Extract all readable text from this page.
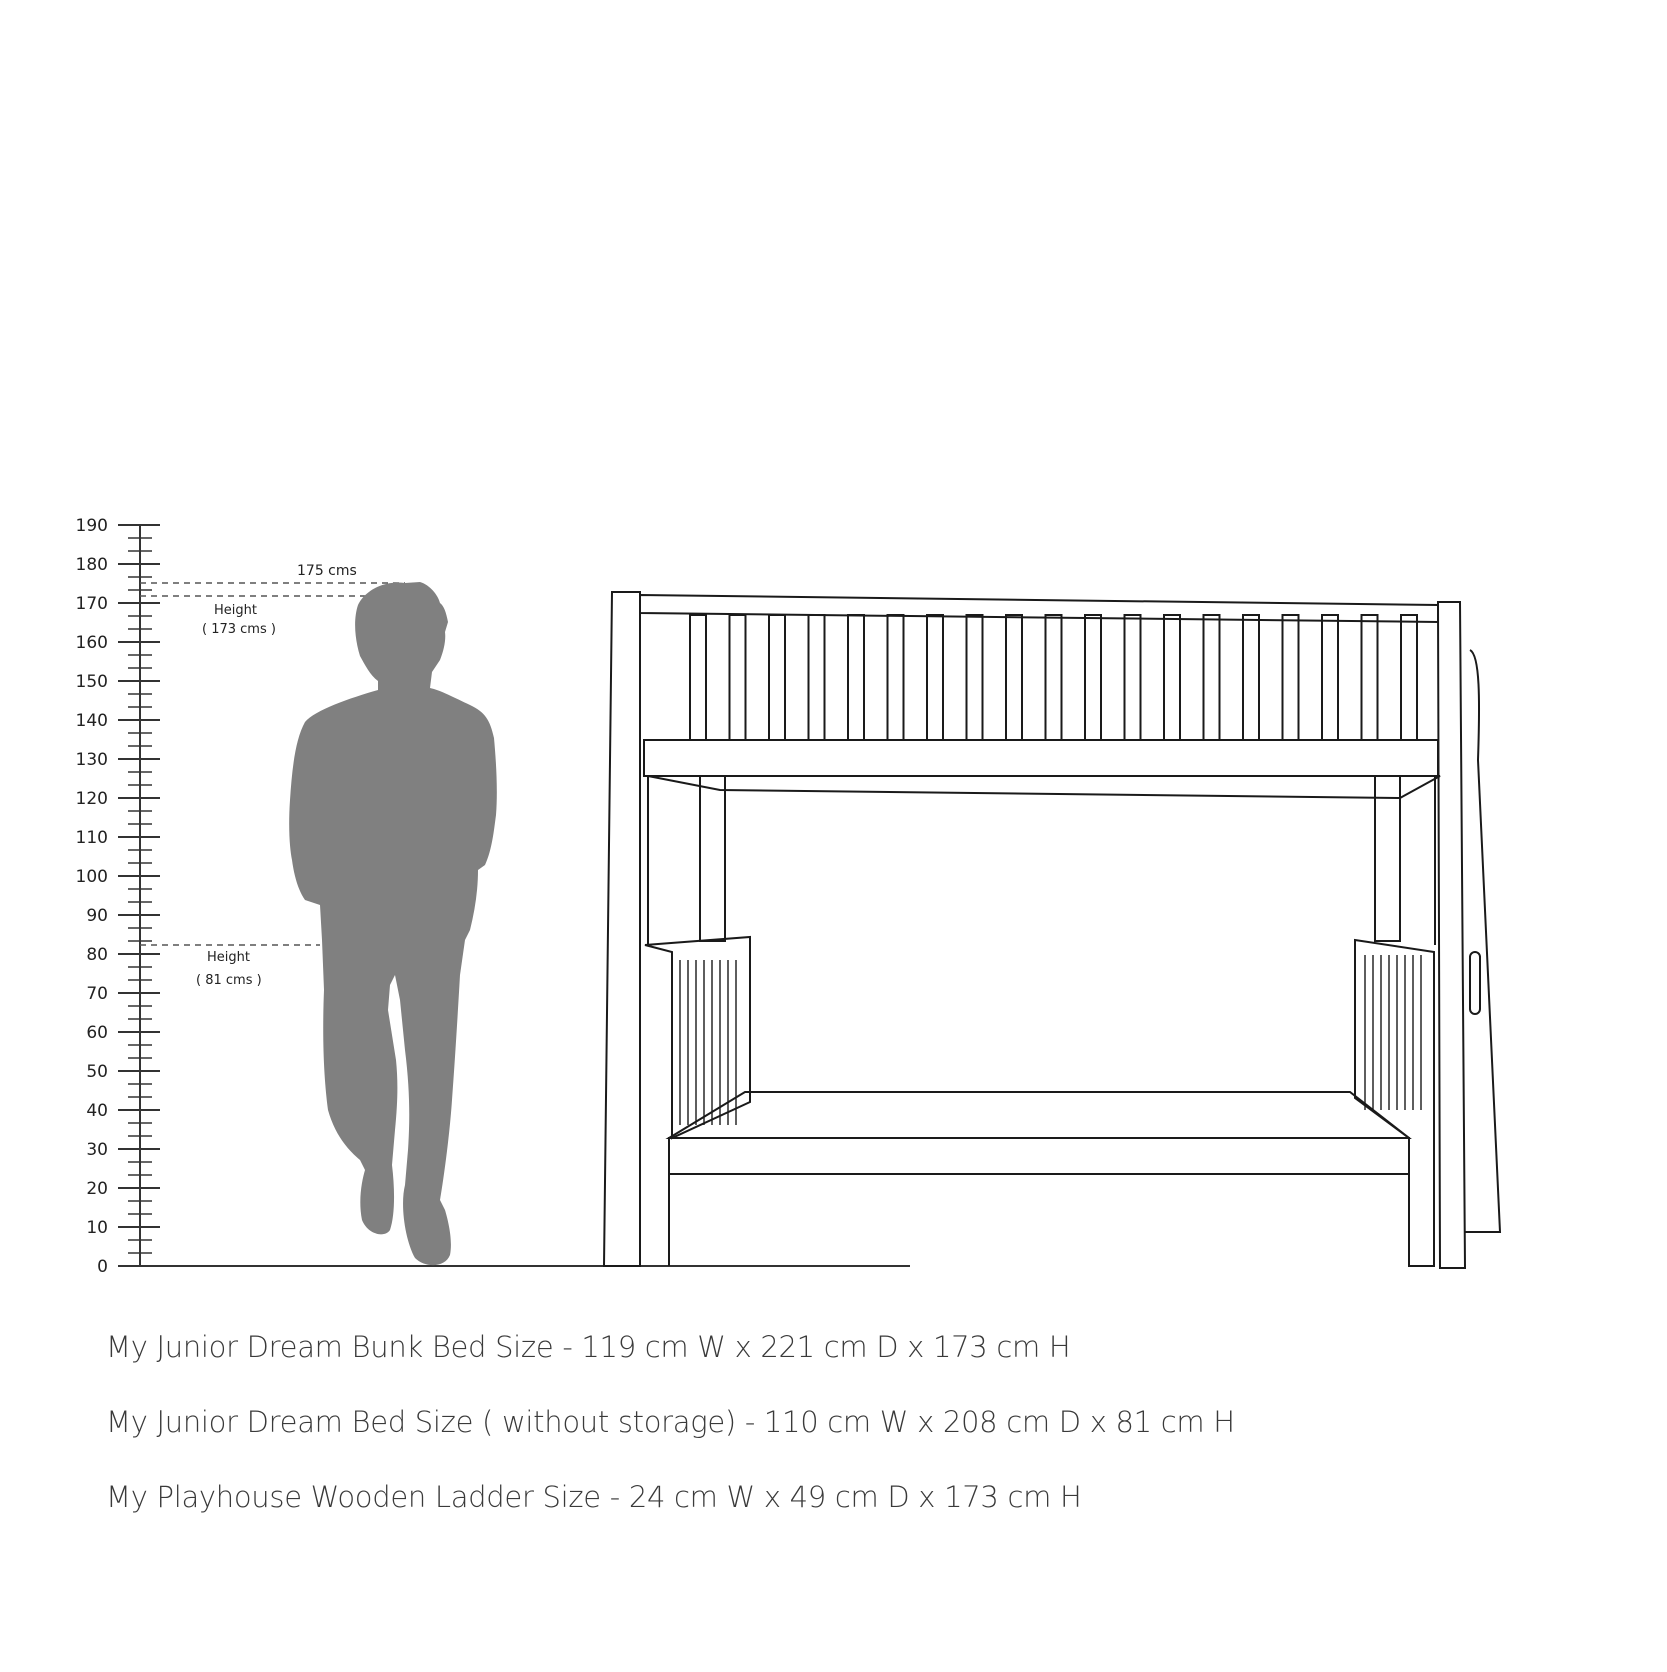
0
10
20
30
40
50
60
70
80
90
100
110
120
130
140
150
160
170
180
190
175 cms
Height
( 173 cms )
Height
( 81 cms )
My Junior Dream Bunk Bed Size - 119 cm W x 221 cm D x 173 cm H
My Junior Dream Bed Size ( without storage) - 110 cm W x 208 cm D x 81 cm H
My Playhouse Wooden Ladder Size - 24 cm W x 49 cm D x 173 cm H
